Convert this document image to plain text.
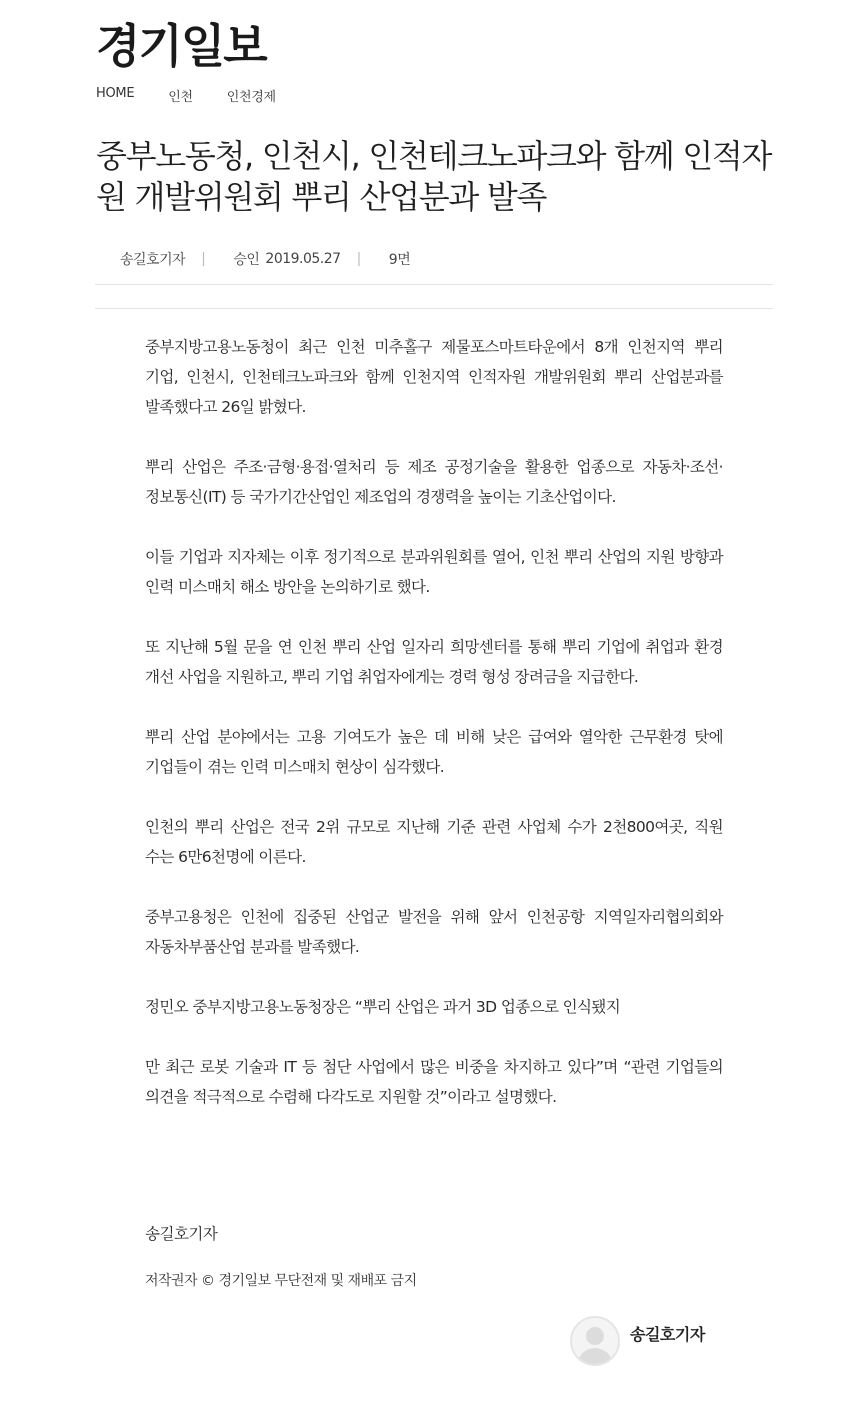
경기일보
HOME	인천	인천경제
중부노동청, 인천시, 인천테크노파크와 함께 인적자원 개발위원회 뿌리 산업분과 발족
송길호기자 | 승인 2019.05.27 | 9면

중부지방고용노동청이 최근 인천 미추홀구 제물포스마트타운에서 8개 인천지역 뿌리 기업, 인천시, 인천테크노파크와 함께 인천지역 인적자원 개발위원회 뿌리 산업분과를 발족했다고 26일 밝혔다.

뿌리 산업은 주조·금형·용접·열처리 등 제조 공정기술을 활용한 업종으로 자동차·조선·정보통신(IT) 등 국가기간산업인 제조업의 경쟁력을 높이는 기초산업이다.

이들 기업과 지자체는 이후 정기적으로 분과위원회를 열어, 인천 뿌리 산업의 지원 방향과 인력 미스매치 해소 방안을 논의하기로 했다.

또 지난해 5월 문을 연 인천 뿌리 산업 일자리 희망센터를 통해 뿌리 기업에 취업과 환경 개선 사업을 지원하고, 뿌리 기업 취업자에게는 경력 형성 장려금을 지급한다.

뿌리 산업 분야에서는 고용 기여도가 높은 데 비해 낮은 급여와 열악한 근무환경 탓에 기업들이 겪는 인력 미스매치 현상이 심각했다.

인천의 뿌리 산업은 전국 2위 규모로 지난해 기준 관련 사업체 수가 2천800여곳, 직원 수는 6만6천명에 이른다.

중부고용청은 인천에 집중된 산업군 발전을 위해 앞서 인천공항 지역일자리협의회와 자동차부품산업 분과를 발족했다.

정민오 중부지방고용노동청장은 “뿌리 산업은 과거 3D 업종으로 인식됐지

만 최근 로봇 기술과 IT 등 첨단 사업에서 많은 비중을 차지하고 있다”며 “관련 기업들의 의견을 적극적으로 수렴해 다각도로 지원할 것”이라고 설명했다.

송길호기자
저작권자 © 경기일보 무단전재 및 재배포 금지
송길호기자
